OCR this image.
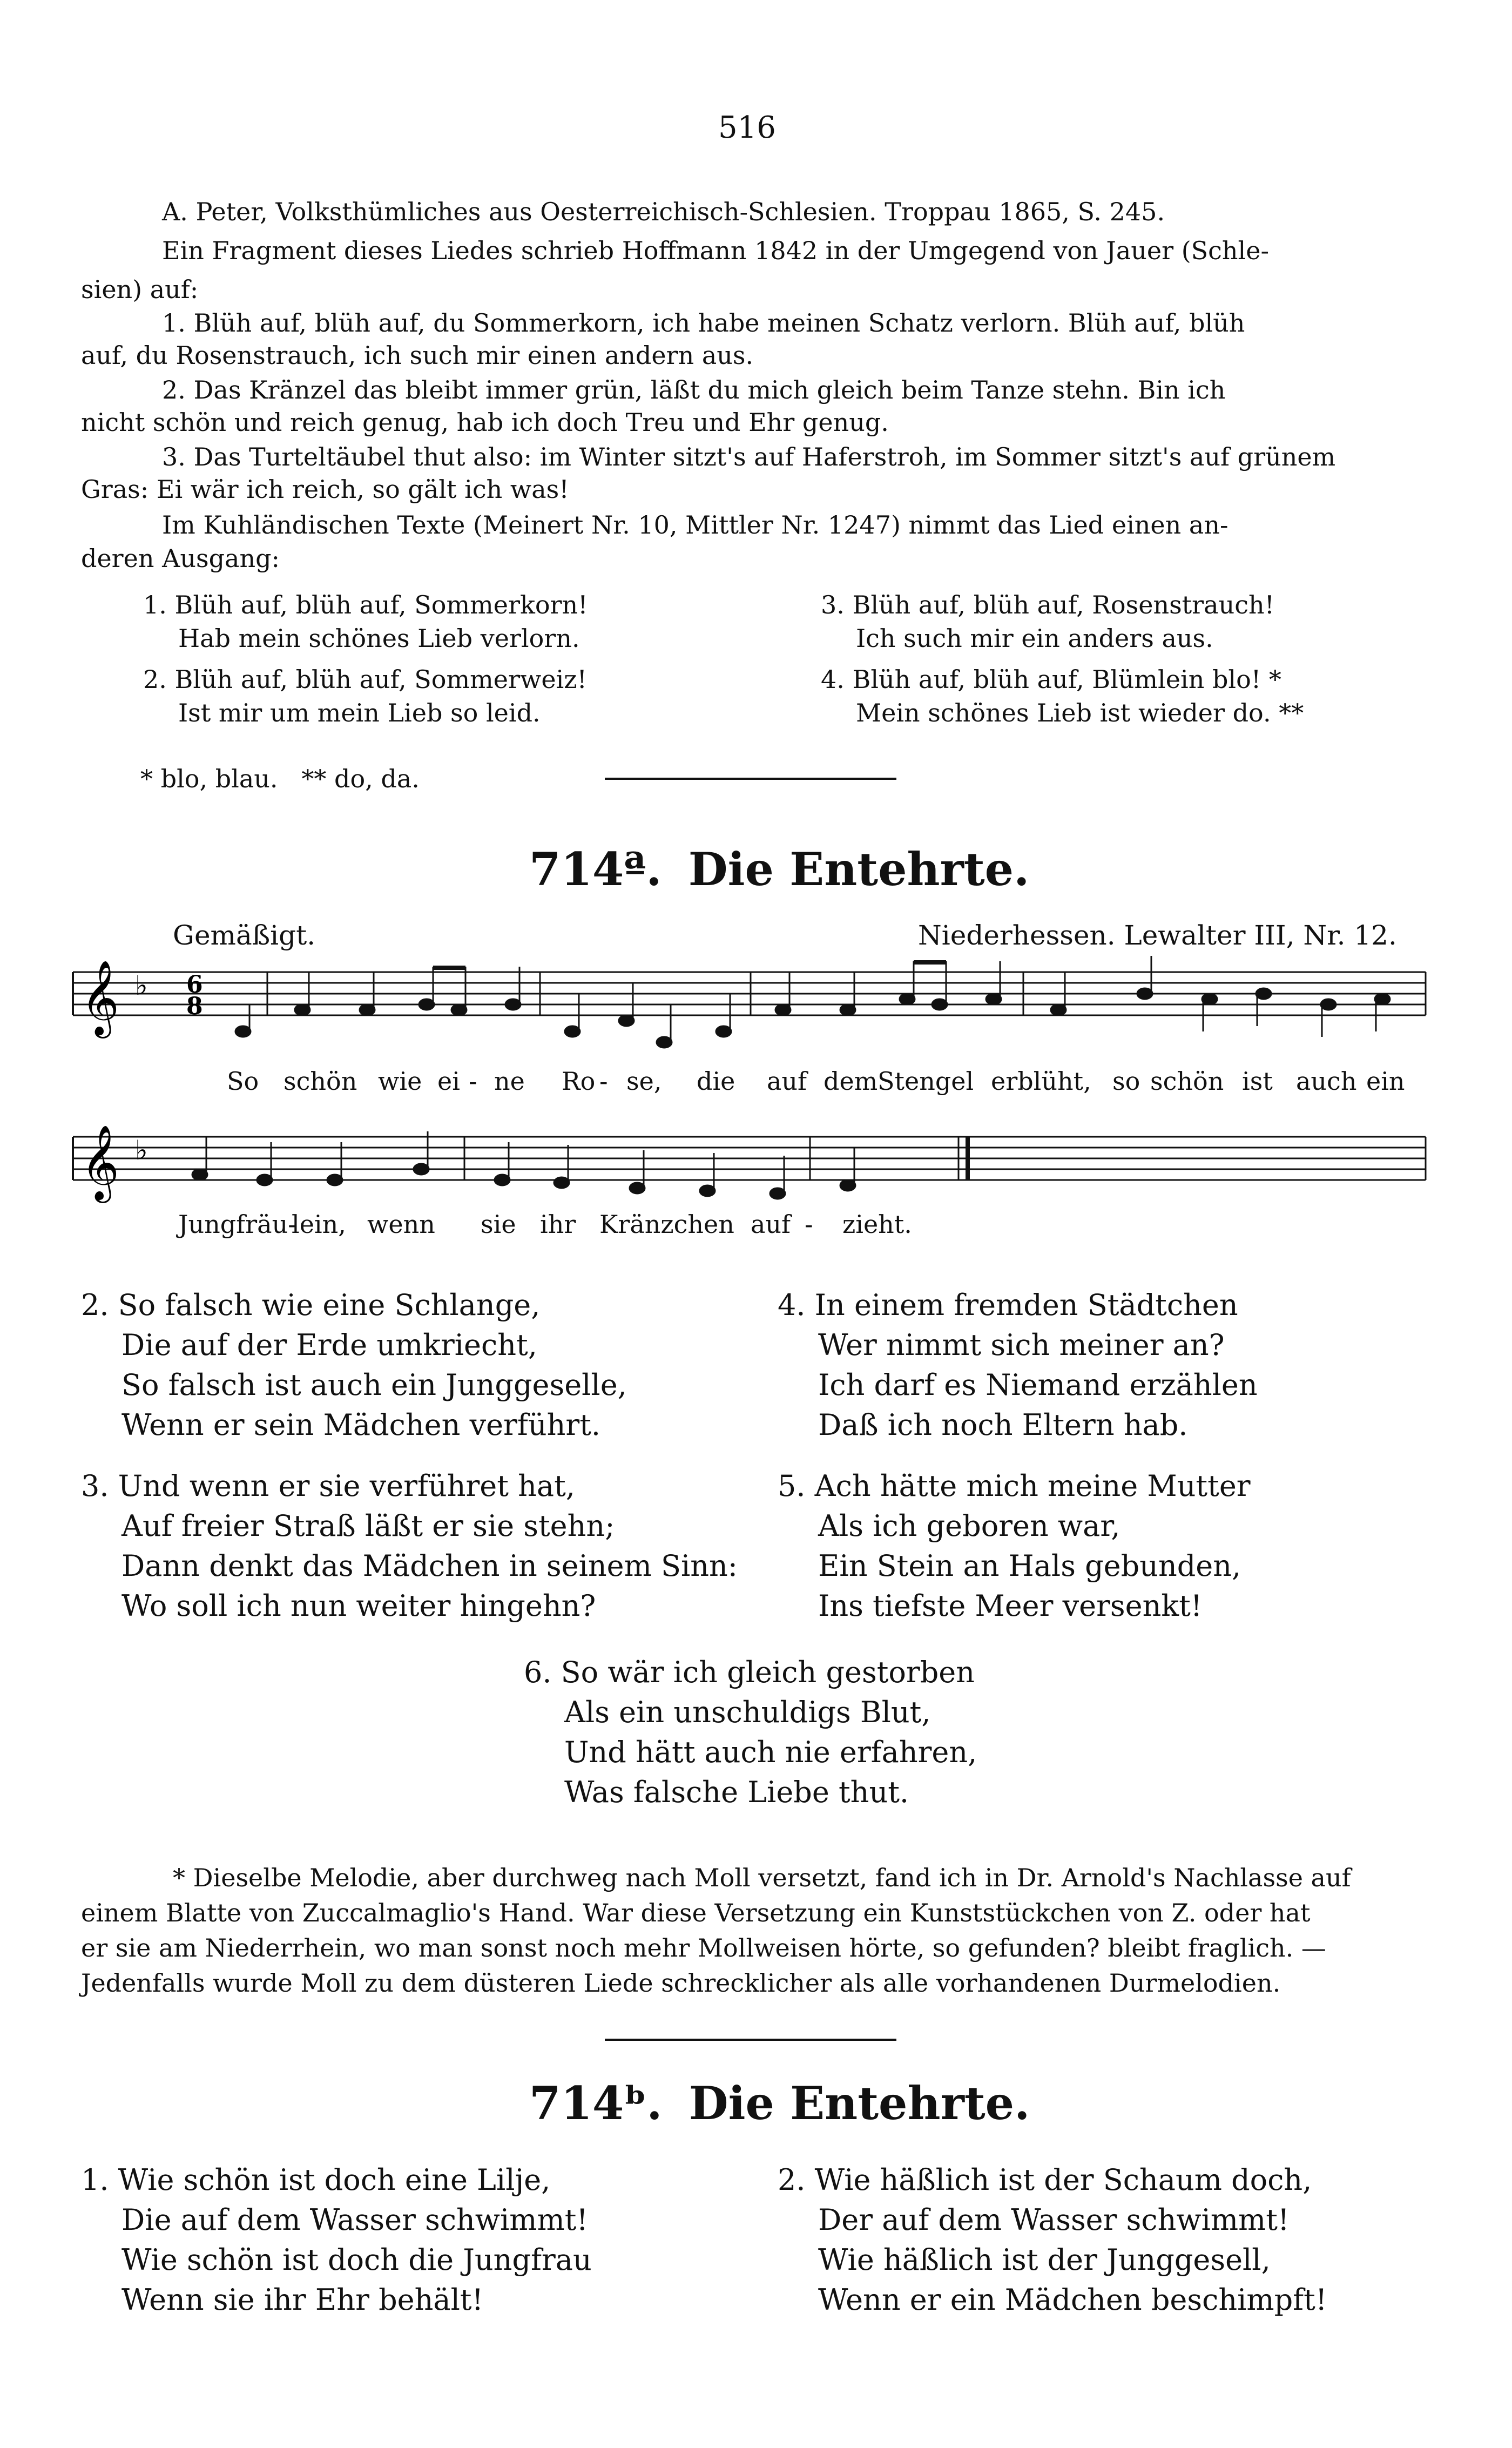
516
A. Peter, Volksthümliches aus Oesterreichisch-Schlesien. Troppau 1865, S. 245.
Ein Fragment dieses Liedes schrieb Hoffmann 1842 in der Umgegend von Jauer (Schle-
sien) auf:
1. Blüh auf, blüh auf, du Sommerkorn, ich habe meinen Schatz verlorn. Blüh auf, blüh
auf, du Rosenstrauch, ich such mir einen andern aus.
2. Das Kränzel das bleibt immer grün, läßt du mich gleich beim Tanze stehn. Bin ich
nicht schön und reich genug, hab ich doch Treu und Ehr genug.
3. Das Turteltäubel thut also: im Winter sitzt's auf Haferstroh, im Sommer sitzt's auf grünem
Gras: Ei wär ich reich, so gält ich was!
Im Kuhländischen Texte (Meinert Nr. 10, Mittler Nr. 1247) nimmt das Lied einen an-
deren Ausgang:
1. Blüh auf, blüh auf, Sommerkorn!
Hab mein schönes Lieb verlorn.
2. Blüh auf, blüh auf, Sommerweiz!
Ist mir um mein Lieb so leid.
3. Blüh auf, blüh auf, Rosenstrauch!
Ich such mir ein anders aus.
4. Blüh auf, blüh auf, Blümlein blo! *
Mein schönes Lieb ist wieder do. **
* blo, blau.   ** do, da.
714ª. Die Entehrte.
Gemäßigt.	Niederhessen. Lewalter III, Nr. 12.
𝄞 ♭ 6
8
𝄞 ♭
So schön wie ei - ne Ro - se, die auf dem Stengel erblüht, so schön ist auch ein
Jungfräu-
lein, wenn sie ihr Kränzchen auf - zieht.
2. So falsch wie eine Schlange,
Die auf der Erde umkriecht,
So falsch ist auch ein Junggeselle,
Wenn er sein Mädchen verführt.
3. Und wenn er sie verführet hat,
Auf freier Straß läßt er sie stehn;
Dann denkt das Mädchen in seinem Sinn:
Wo soll ich nun weiter hingehn?
4. In einem fremden Städtchen
Wer nimmt sich meiner an?
Ich darf es Niemand erzählen
Daß ich noch Eltern hab.
5. Ach hätte mich meine Mutter
Als ich geboren war,
Ein Stein an Hals gebunden,
Ins tiefste Meer versenkt!
6. So wär ich gleich gestorben
Als ein unschuldigs Blut,
Und hätt auch nie erfahren,
Was falsche Liebe thut.
* Dieselbe Melodie, aber durchweg nach Moll versetzt, fand ich in Dr. Arnold's Nachlasse auf
einem Blatte von Zuccalmaglio's Hand. War diese Versetzung ein Kunststückchen von Z. oder hat
er sie am Niederrhein, wo man sonst noch mehr Mollweisen hörte, so gefunden? bleibt fraglich. —
Jedenfalls wurde Moll zu dem düsteren Liede schrecklicher als alle vorhandenen Durmelodien.
714ᵇ. Die Entehrte.
1. Wie schön ist doch eine Lilje,
Die auf dem Wasser schwimmt!
Wie schön ist doch die Jungfrau
Wenn sie ihr Ehr behält!
2. Wie häßlich ist der Schaum doch,
Der auf dem Wasser schwimmt!
Wie häßlich ist der Junggesell,
Wenn er ein Mädchen beschimpft!
